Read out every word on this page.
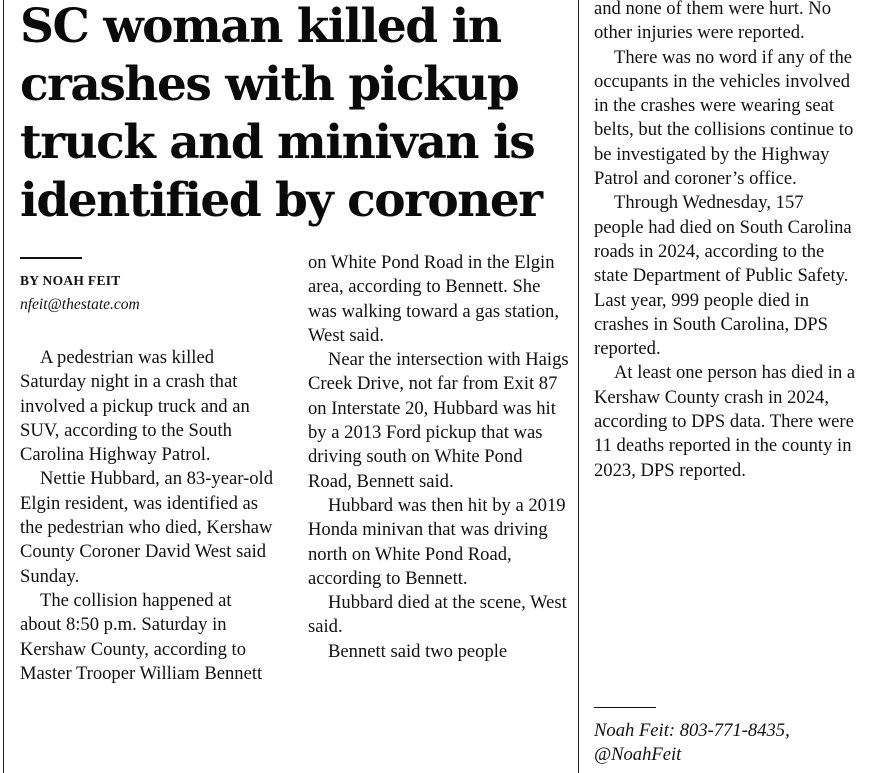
SC woman killed in crashes with pickup truck and minivan is identified by coroner
BY NOAH FEIT
nfeit@thestate.com

A pedestrian was killed Saturday night in a crash that involved a pickup truck and an SUV, according to the South Carolina Highway Patrol.

Nettie Hubbard, an 83-year-old Elgin resident, was identified as the pedestrian who died, Kershaw County Coroner David West said Sunday.

The collision happened at about 8:50 p.m. Saturday in Kershaw County, according to Master Trooper William Bennett

on White Pond Road in the Elgin area, according to Bennett. She was walking toward a gas station, West said.

Near the intersection with Haigs Creek Drive, not far from Exit 87 on Interstate 20, Hubbard was hit by a 2013 Ford pickup that was driving south on White Pond Road, Bennett said.

Hubbard was then hit by a 2019 Honda minivan that was driving north on White Pond Road, according to Bennett.

Hubbard died at the scene, West said.

Bennett said two people

and none of them were hurt. No other injuries were reported.

There was no word if any of the occupants in the vehicles involved in the crashes were wearing seat belts, but the collisions continue to be investigated by the Highway Patrol and coroner’s office.

Through Wednesday, 157 people had died on South Carolina roads in 2024, according to the state Department of Public Safety. Last year, 999 people died in crashes in South Carolina, DPS reported.

At least one person has died in a Kershaw County crash in 2024, according to DPS data. There were 11 deaths reported in the county in 2023, DPS reported.

Noah Feit: 803-771-8435, @NoahFeit
